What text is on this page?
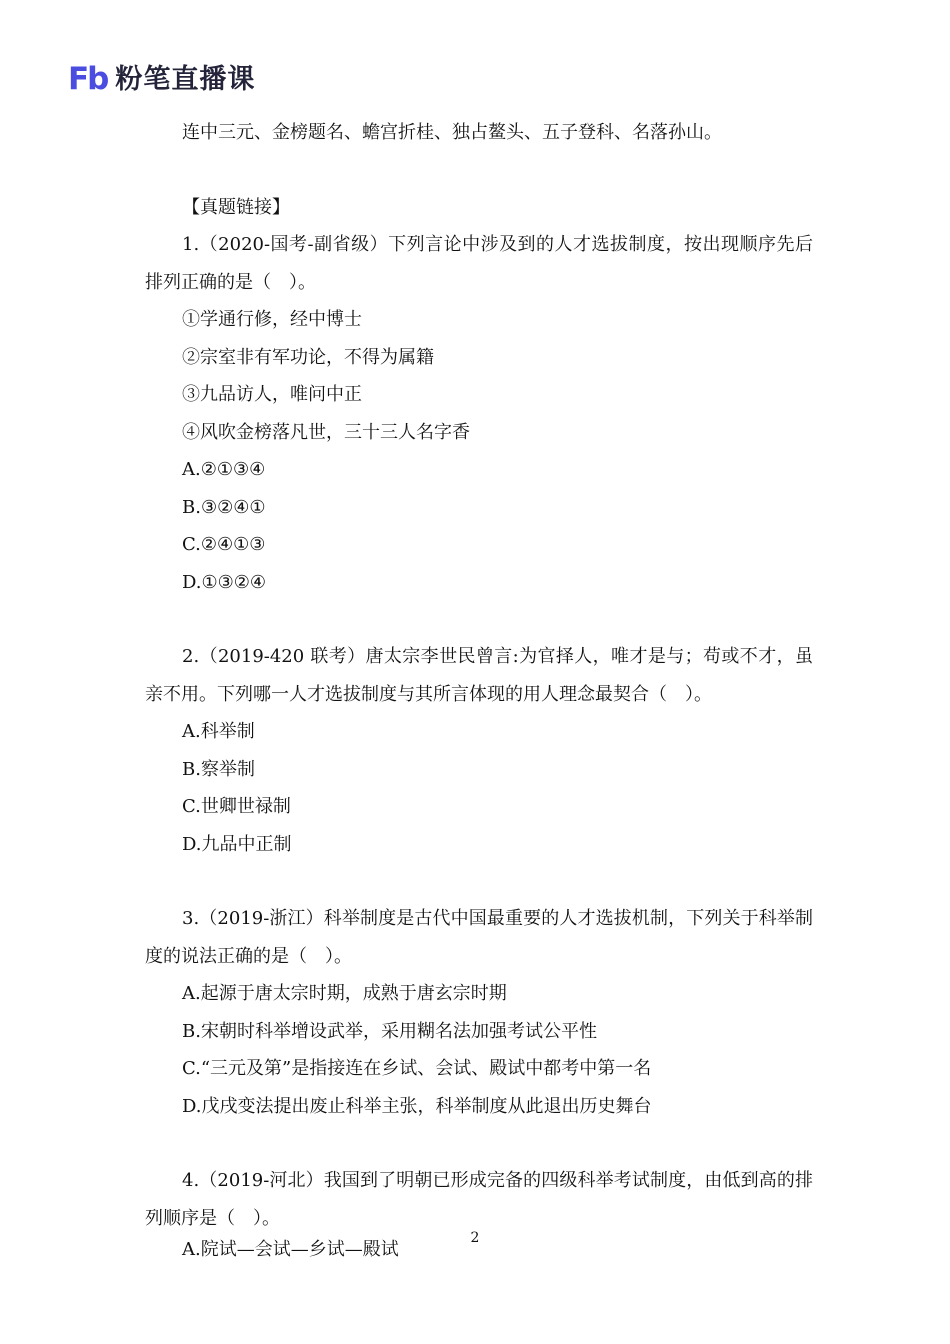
Fb 粉笔直播课

连中三元、金榜题名、蟾宫折桂、独占鳌头、五子登科、名落孙山。

【真题链接】

1.（2020-国考-副省级）下列言论中涉及到的人才选拔制度，按出现顺序先后排列正确的是（　）。

①学通行修，经中博士

②宗室非有军功论，不得为属籍

③九品访人，唯问中正

④风吹金榜落凡世，三十三人名字香

A.②①③④

B.③②④①

C.②④①③

D.①③②④

2.（2019-420 联考）唐太宗李世民曾言:为官择人，唯才是与；苟或不才，虽亲不用。下列哪一人才选拔制度与其所言体现的用人理念最契合（　）。

A.科举制

B.察举制

C.世卿世禄制

D.九品中正制

3.（2019-浙江）科举制度是古代中国最重要的人才选拔机制，下列关于科举制度的说法正确的是（　）。

A.起源于唐太宗时期，成熟于唐玄宗时期

B.宋朝时科举增设武举，采用糊名法加强考试公平性

C.“三元及第”是指接连在乡试、会试、殿试中都考中第一名

D.戊戌变法提出废止科举主张，科举制度从此退出历史舞台

4.（2019-河北）我国到了明朝已形成完备的四级科举考试制度，由低到高的排列顺序是（　）。

A.院试—会试—乡试—殿试

2
